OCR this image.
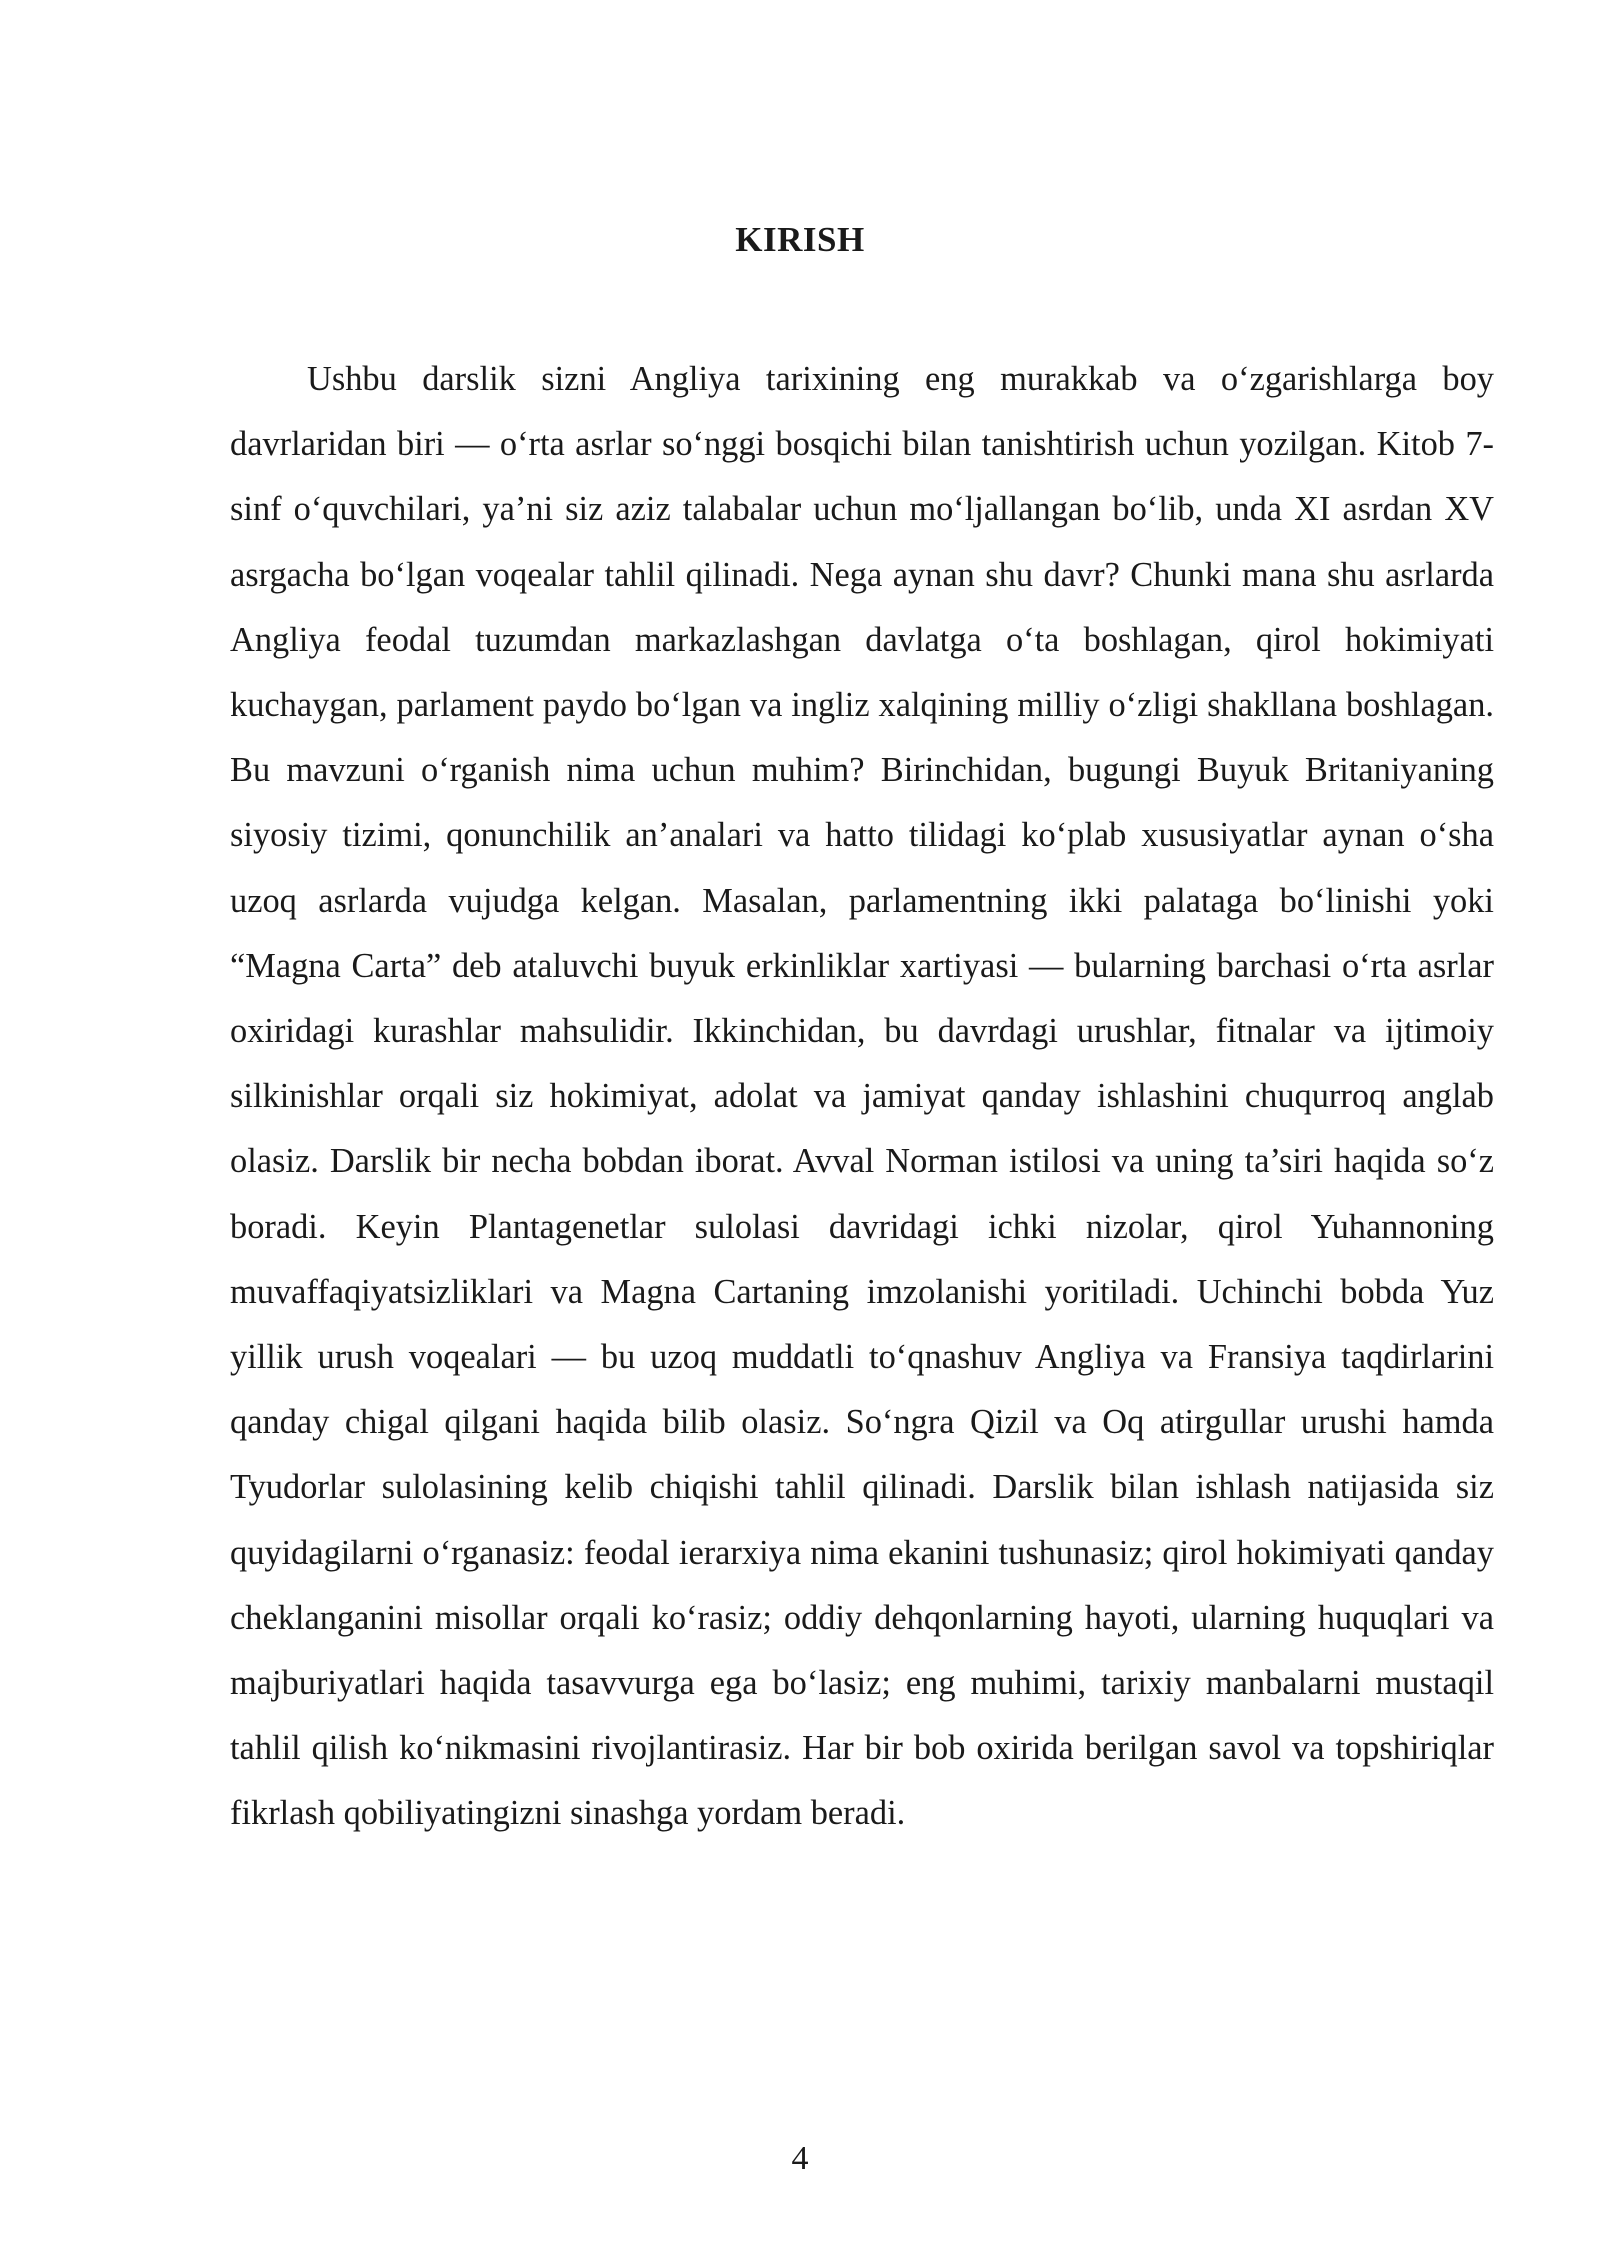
KIRISH

Ushbu darslik sizni Angliya tarixining eng murakkab va o‘zgarishlarga boy davrlaridan biri — o‘rta asrlar so‘nggi bosqichi bilan tanishtirish uchun yozilgan. Kitob 7-sinf o‘quvchilari, ya’ni siz aziz talabalar uchun mo‘ljallangan bo‘lib, unda XI asrdan XV asrgacha bo‘lgan voqealar tahlil qilinadi. Nega aynan shu davr? Chunki mana shu asrlarda Angliya feodal tuzumdan markazlashgan davlatga o‘ta boshlagan, qirol hokimiyati kuchaygan, parlament paydo bo‘lgan va ingliz xalqining milliy o‘zligi shakllana boshlagan. Bu mavzuni o‘rganish nima uchun muhim? Birinchidan, bugungi Buyuk Britaniyaning siyosiy tizimi, qonunchilik an’analari va hatto tilidagi ko‘plab xususiyatlar aynan o‘sha uzoq asrlarda vujudga kelgan. Masalan, parlamentning ikki palataga bo‘linishi yoki “Magna Carta” deb ataluvchi buyuk erkinliklar xartiyasi — bularning barchasi o‘rta asrlar oxiridagi kurashlar mahsulidir. Ikkinchidan, bu davrdagi urushlar, fitnalar va ijtimoiy silkinishlar orqali siz hokimiyat, adolat va jamiyat qanday ishlashini chuqurroq anglab olasiz. Darslik bir necha bobdan iborat. Avval Norman istilosi va uning ta’siri haqida so‘z boradi. Keyin Plantagenetlar sulolasi davridagi ichki nizolar, qirol Yuhannoning muvaffaqiyatsizliklari va Magna Cartaning imzolanishi yoritiladi. Uchinchi bobda Yuz yillik urush voqealari — bu uzoq muddatli to‘qnashuv Angliya va Fransiya taqdirlarini qanday chigal qilgani haqida bilib olasiz. So‘ngra Qizil va Oq atirgullar urushi hamda Tyudorlar sulolasining kelib chiqishi tahlil qilinadi. Darslik bilan ishlash natijasida siz quyidagilarni o‘rganasiz: feodal ierarxiya nima ekanini tushunasiz; qirol hokimiyati qanday cheklanganini misollar orqali ko‘rasiz; oddiy dehqonlarning hayoti, ularning huquqlari va majburiyatlari haqida tasavvurga ega bo‘lasiz; eng muhimi, tarixiy manbalarni mustaqil tahlil qilish ko‘nikmasini rivojlantirasiz. Har bir bob oxirida berilgan savol va topshiriqlar fikrlash qobiliyatingizni sinashga yordam beradi.

4
